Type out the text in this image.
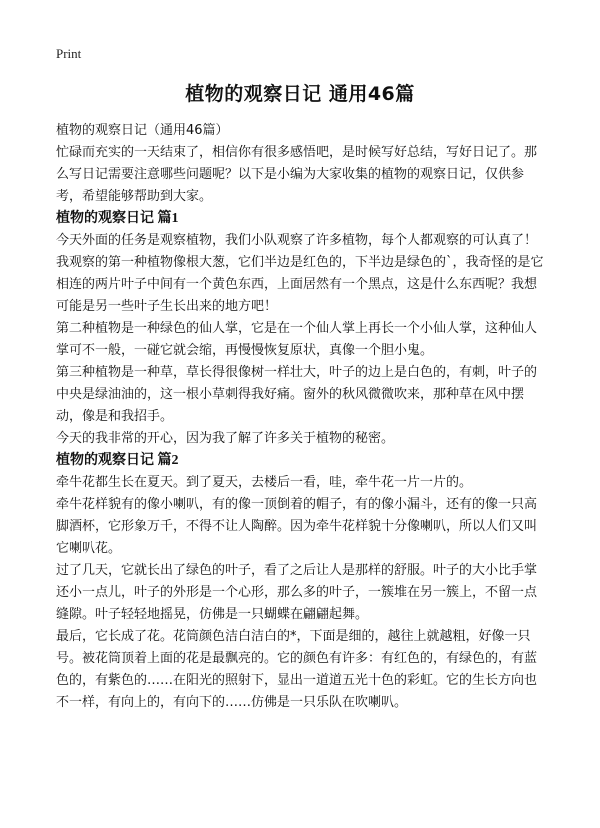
Print
植物的观察日记 通用46篇

植物的观察日记（通用46篇）

忙碌而充实的一天结束了，相信你有很多感悟吧，是时候写好总结，写好日记了。那么写日记需要注意哪些问题呢？以下是小编为大家收集的植物的观察日记，仅供参考，希望能够帮助到大家。

植物的观察日记 篇1

今天外面的任务是观察植物，我们小队观察了许多植物，每个人都观察的可认真了！

我观察的第一种植物像根大葱，它们半边是红色的，下半边是绿色的`，我奇怪的是它相连的两片叶子中间有一个黄色东西，上面居然有一个黑点，这是什么东西呢？我想可能是另一些叶子生长出来的地方吧！

第二种植物是一种绿色的仙人掌，它是在一个仙人掌上再长一个小仙人掌，这种仙人掌可不一般，一碰它就会缩，再慢慢恢复原状，真像一个胆小鬼。

第三种植物是一种草，草长得很像树一样壮大，叶子的边上是白色的，有刺，叶子的中央是绿油油的，这一根小草刺得我好痛。窗外的秋风微微吹来，那种草在风中摆动，像是和我招手。

今天的我非常的开心，因为我了解了许多关于植物的秘密。

植物的观察日记 篇2

牵牛花都生长在夏天。到了夏天，去楼后一看，哇，牵牛花一片一片的。

牵牛花样貌有的像小喇叭，有的像一顶倒着的帽子，有的像小漏斗，还有的像一只高脚酒杯，它形象万千，不得不让人陶醉。因为牵牛花样貌十分像喇叭，所以人们又叫它喇叭花。

过了几天，它就长出了绿色的叶子，看了之后让人是那样的舒服。叶子的大小比手掌还小一点儿，叶子的外形是一个心形，那么多的叶子，一簇堆在另一簇上，不留一点缝隙。叶子轻轻地摇晃，仿佛是一只蝴蝶在翩翩起舞。

最后，它长成了花。花筒颜色洁白洁白的*，下面是细的，越往上就越粗，好像一只号。被花筒顶着上面的花是最飘亮的。它的颜色有许多：有红色的，有绿色的，有蓝色的，有紫色的……在阳光的照射下，显出一道道五光十色的彩虹。它的生长方向也不一样，有向上的，有向下的……仿佛是一只乐队在吹喇叭。
